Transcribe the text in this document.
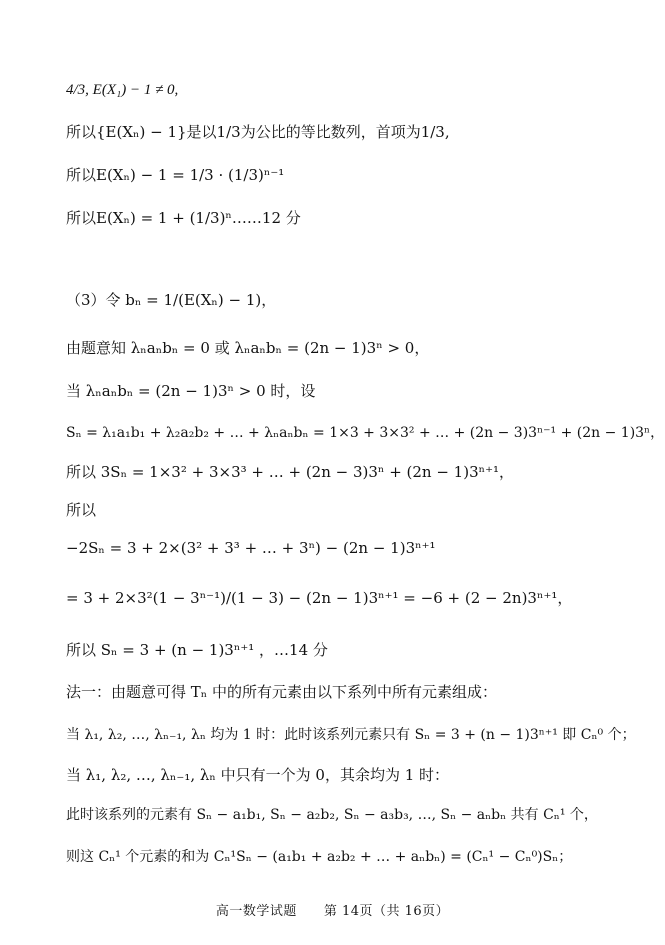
4/3, E(X₁) − 1 ≠ 0,
所以{E(Xₙ) − 1}是以1/3为公比的等比数列，首项为1/3,
所以E(Xₙ) − 1 = 1/3 · (1/3)ⁿ⁻¹
所以E(Xₙ) = 1 + (1/3)ⁿ……12 分
（3）令 bₙ = 1/(E(Xₙ) − 1)，
由题意知 λₙaₙbₙ = 0 或 λₙaₙbₙ = (2n − 1)3ⁿ > 0，
当 λₙaₙbₙ = (2n − 1)3ⁿ > 0 时，设
Sₙ = λ₁a₁b₁ + λ₂a₂b₂ + … + λₙaₙbₙ = 1×3 + 3×3² + … + (2n − 3)3ⁿ⁻¹ + (2n − 1)3ⁿ，
所以 3Sₙ = 1×3² + 3×3³ + … + (2n − 3)3ⁿ + (2n − 1)3ⁿ⁺¹，
所以
−2Sₙ = 3 + 2×(3² + 3³ + … + 3ⁿ) − (2n − 1)3ⁿ⁺¹
= 3 + 2×3²(1 − 3ⁿ⁻¹)/(1 − 3) − (2n − 1)3ⁿ⁺¹ = −6 + (2 − 2n)3ⁿ⁺¹，
所以 Sₙ = 3 + (n − 1)3ⁿ⁺¹ ，…14 分
法一：由题意可得 Tₙ 中的所有元素由以下系列中所有元素组成：
当 λ₁, λ₂, …, λₙ₋₁, λₙ 均为 1 时：此时该系列元素只有 Sₙ = 3 + (n − 1)3ⁿ⁺¹ 即 Cₙ⁰ 个；
当 λ₁, λ₂, …, λₙ₋₁, λₙ 中只有一个为 0，其余均为 1 时：
此时该系列的元素有 Sₙ − a₁b₁, Sₙ − a₂b₂, Sₙ − a₃b₃, …, Sₙ − aₙbₙ 共有 Cₙ¹ 个，
则这 Cₙ¹ 个元素的和为 Cₙ¹Sₙ − (a₁b₁ + a₂b₂ + … + aₙbₙ) = (Cₙ¹ − Cₙ⁰)Sₙ；
高一数学试题　　第 14页（共 16页）
